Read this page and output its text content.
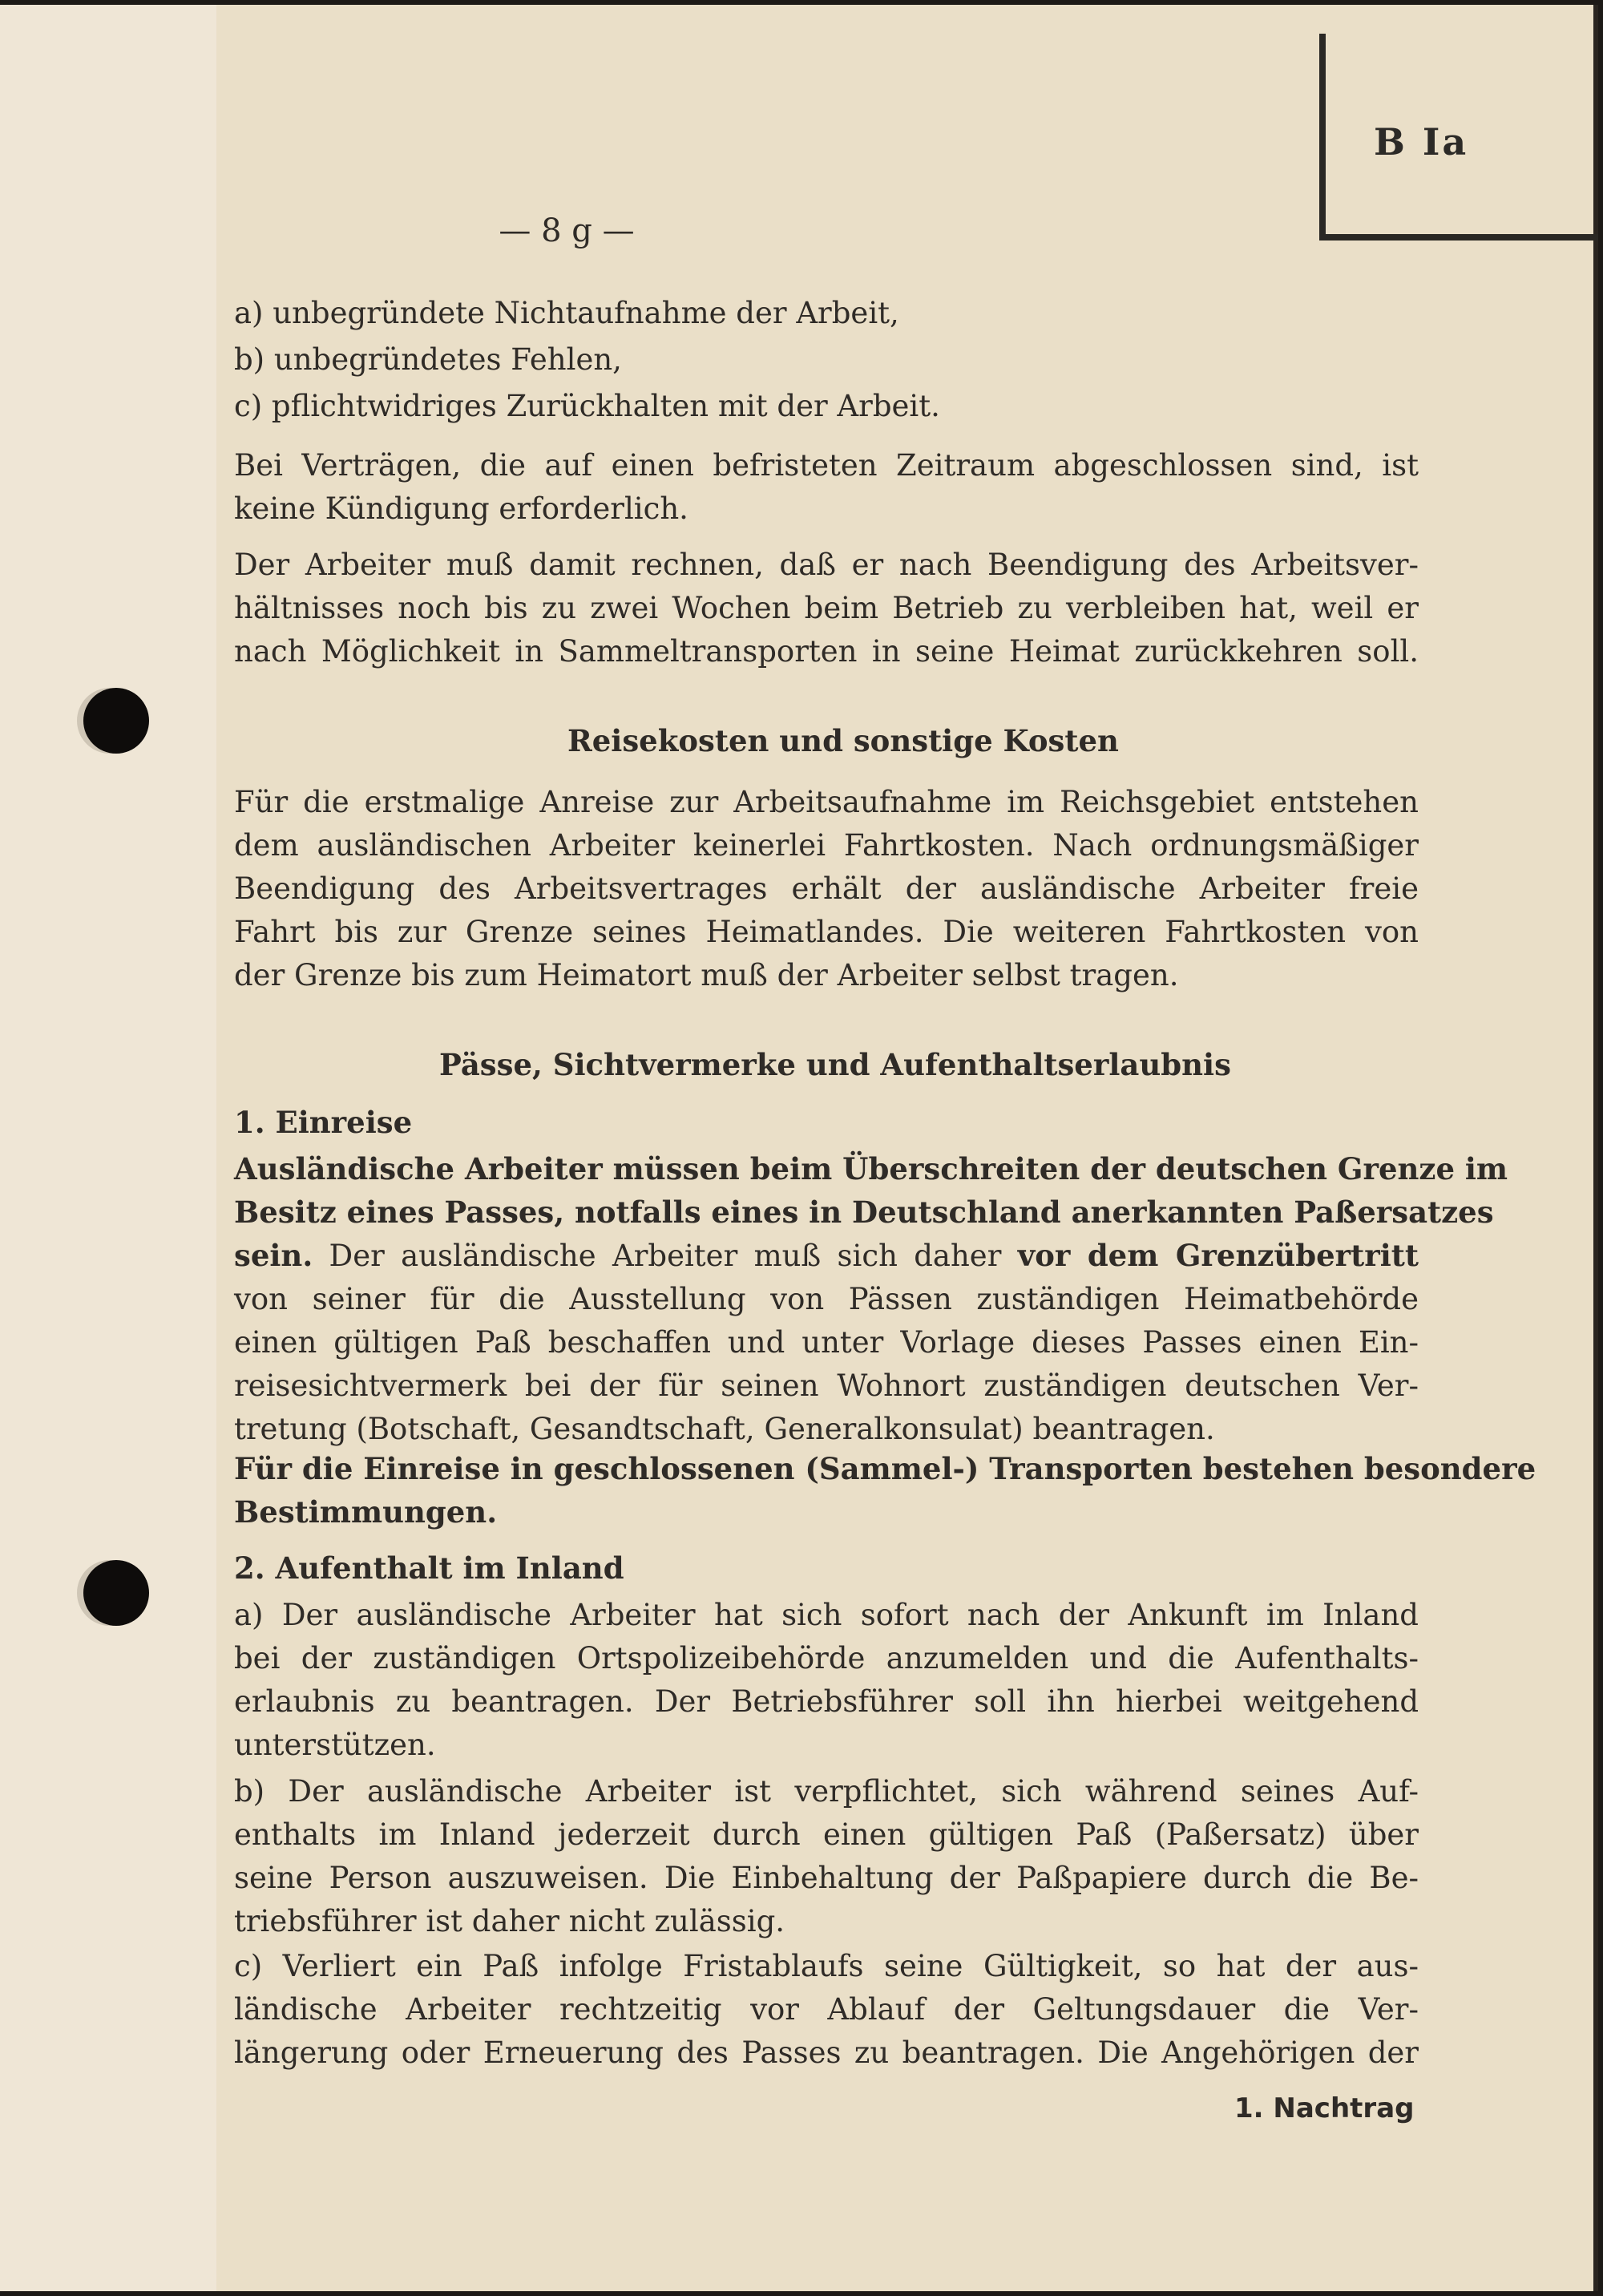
B Ia
— 8 g —
a) unbegründete Nichtaufnahme der Arbeit,
b) unbegründetes Fehlen,
c) pflichtwidriges Zurückhalten mit der Arbeit.
Bei Verträgen, die auf einen befristeten Zeitraum abgeschlossen sind, ist
keine Kündigung erforderlich.
Der Arbeiter muß damit rechnen, daß er nach Beendigung des Arbeitsver-
hältnisses noch bis zu zwei Wochen beim Betrieb zu verbleiben hat, weil er
nach Möglichkeit in Sammeltransporten in seine Heimat zurückkehren soll.
Reisekosten und sonstige Kosten
Für die erstmalige Anreise zur Arbeitsaufnahme im Reichsgebiet entstehen
dem ausländischen Arbeiter keinerlei Fahrtkosten. Nach ordnungsmäßiger
Beendigung des Arbeitsvertrages erhält der ausländische Arbeiter freie
Fahrt bis zur Grenze seines Heimatlandes. Die weiteren Fahrtkosten von
der Grenze bis zum Heimatort muß der Arbeiter selbst tragen.
Pässe, Sichtvermerke und Aufenthaltserlaubnis
1. Einreise
Ausländische Arbeiter müssen beim Überschreiten der deutschen Grenze im
Besitz eines Passes, notfalls eines in Deutschland anerkannten Paßersatzes
sein. Der ausländische Arbeiter muß sich daher vor dem Grenzübertritt
von seiner für die Ausstellung von Pässen zuständigen Heimatbehörde
einen gültigen Paß beschaffen und unter Vorlage dieses Passes einen Ein-
reisesichtvermerk bei der für seinen Wohnort zuständigen deutschen Ver-
tretung (Botschaft, Gesandtschaft, Generalkonsulat) beantragen.
Für die Einreise in geschlossenen (Sammel-) Transporten bestehen besondere
Bestimmungen.
2. Aufenthalt im Inland
a) Der ausländische Arbeiter hat sich sofort nach der Ankunft im Inland
bei der zuständigen Ortspolizeibehörde anzumelden und die Aufenthalts-
erlaubnis zu beantragen. Der Betriebsführer soll ihn hierbei weitgehend
unterstützen.
b) Der ausländische Arbeiter ist verpflichtet, sich während seines Auf-
enthalts im Inland jederzeit durch einen gültigen Paß (Paßersatz) über
seine Person auszuweisen. Die Einbehaltung der Paßpapiere durch die Be-
triebsführer ist daher nicht zulässig.
c) Verliert ein Paß infolge Fristablaufs seine Gültigkeit, so hat der aus-
ländische Arbeiter rechtzeitig vor Ablauf der Geltungsdauer die Ver-
längerung oder Erneuerung des Passes zu beantragen. Die Angehörigen der
1. Nachtrag
